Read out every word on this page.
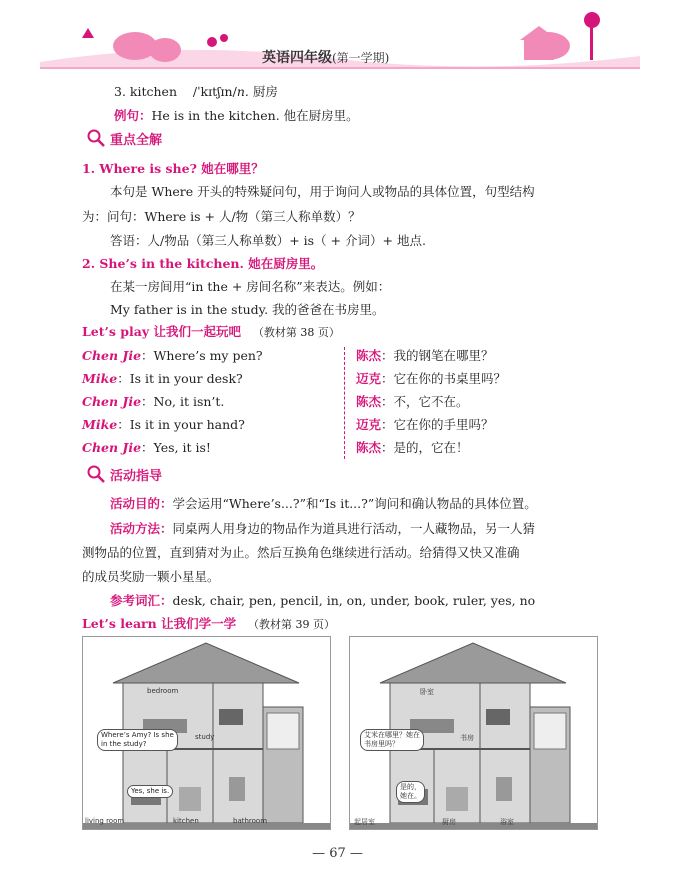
英语四年级(第一学期)
3. kitchen /ˈkɪtʃɪn/n. 厨房
例句：He is in the kitchen. 他在厨房里。
重点全解
1. Where is she? 她在哪里？
本句是 Where 开头的特殊疑问句，用于询问人或物品的具体位置，句型结构
为：问句：Where is + 人/物（第三人称单数）？
答语：人/物品（第三人称单数）+ is（ + 介词）+ 地点.
2. She’s in the kitchen. 她在厨房里。
在某一房间用“in the + 房间名称”来表达。例如：
My father is in the study. 我的爸爸在书房里。
Let’s play 让我们一起玩吧 （教材第 38 页）
Chen Jie：Where’s my pen?	陈杰：我的钢笔在哪里？
Mike：Is it in your desk?	迈克：它在你的书桌里吗？
Chen Jie：No, it isn’t.	陈杰：不，它不在。
Mike：Is it in your hand?	迈克：它在你的手里吗？
Chen Jie：Yes, it is!	陈杰：是的，它在！
活动指导
活动目的：学会运用“Where’s...?”和“Is it...?”询问和确认物品的具体位置。
活动方法：同桌两人用身边的物品作为道具进行活动，一人藏物品，另一人猜
测物品的位置，直到猜对为止。然后互换角色继续进行活动。给猜得又快又准确
的成员奖励一颗小星星。
参考词汇：desk, chair, pen, pencil, in, on, under, book, ruler, yes, no
Let’s learn 让我们学一学 （教材第 39 页）
bedroom
study
living room	kitchen	bathroom
Where’s Amy? Is she
in the study?
Yes, she is.
卧室
书房
起居室	厨房	浴室
艾米在哪里？她在
书房里吗？
是的，
她在。
— 67 —
